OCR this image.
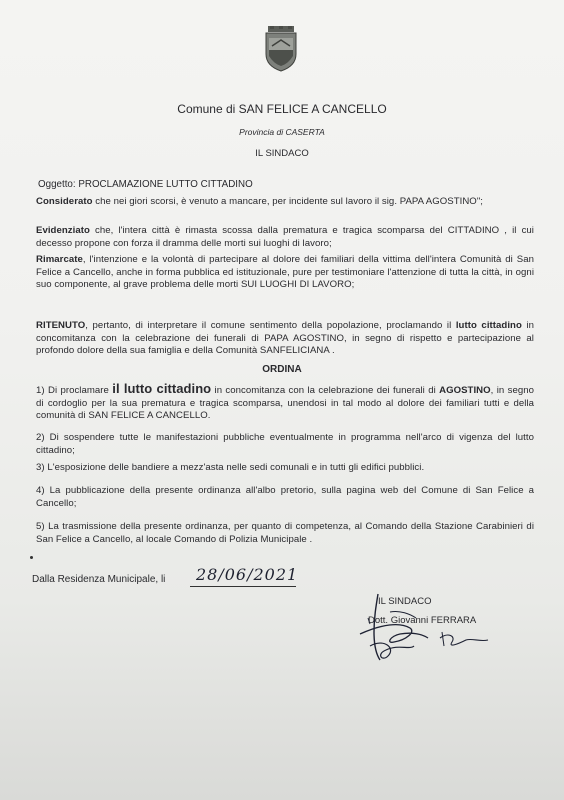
Comune di SAN FELICE A CANCELLO
Provincia di CASERTA
IL SINDACO
Oggetto: PROCLAMAZIONE LUTTO CITTADINO
Considerato che nei giori scorsi, è venuto a mancare, per incidente sul lavoro il sig. PAPA AGOSTINO";
Evidenziato che, l'intera città è rimasta scossa dalla prematura e tragica scomparsa del CITTADINO , il cui decesso propone con forza il dramma delle morti sui luoghi di lavoro;
Rimarcate, l'intenzione e la volontà di partecipare al dolore dei familiari della vittima dell'intera Comunità di San Felice a Cancello, anche in forma pubblica ed istituzionale, pure per testimoniare l'attenzione di tutta la città, in ogni suo componente, al grave problema delle morti SUI LUOGHI DI LAVORO;
RITENUTO, pertanto, di interpretare il comune sentimento della popolazione, proclamando il lutto cittadino in concomitanza con la celebrazione dei funerali di PAPA AGOSTINO, in segno di rispetto e partecipazione al profondo dolore della sua famiglia e della Comunità SANFELICIANA .
ORDINA
1) Di proclamare il lutto cittadino in concomitanza con la celebrazione dei funerali di AGOSTINO, in segno di cordoglio per la sua prematura e tragica scomparsa, unendosi in tal modo al dolore dei familiari tutti e della comunità di SAN FELICE A CANCELLO.
2) Di sospendere tutte le manifestazioni pubbliche eventualmente in programma nell'arco di vigenza del lutto cittadino;
3) L'esposizione delle bandiere a mezz'asta nelle sedi comunali e in tutti gli edifici pubblici.
4) La pubblicazione della presente ordinanza all'albo pretorio, sulla pagina web del Comune di San Felice a Cancello;
5) La trasmissione della presente ordinanza, per quanto di competenza, al Comando della Stazione Carabinieri di San Felice a Cancello, al locale Comando di Polizia Municipale .
Dalla Residenza Municipale, li 28/06/2021
IL SINDACO
Dott. Giovanni FERRARA
